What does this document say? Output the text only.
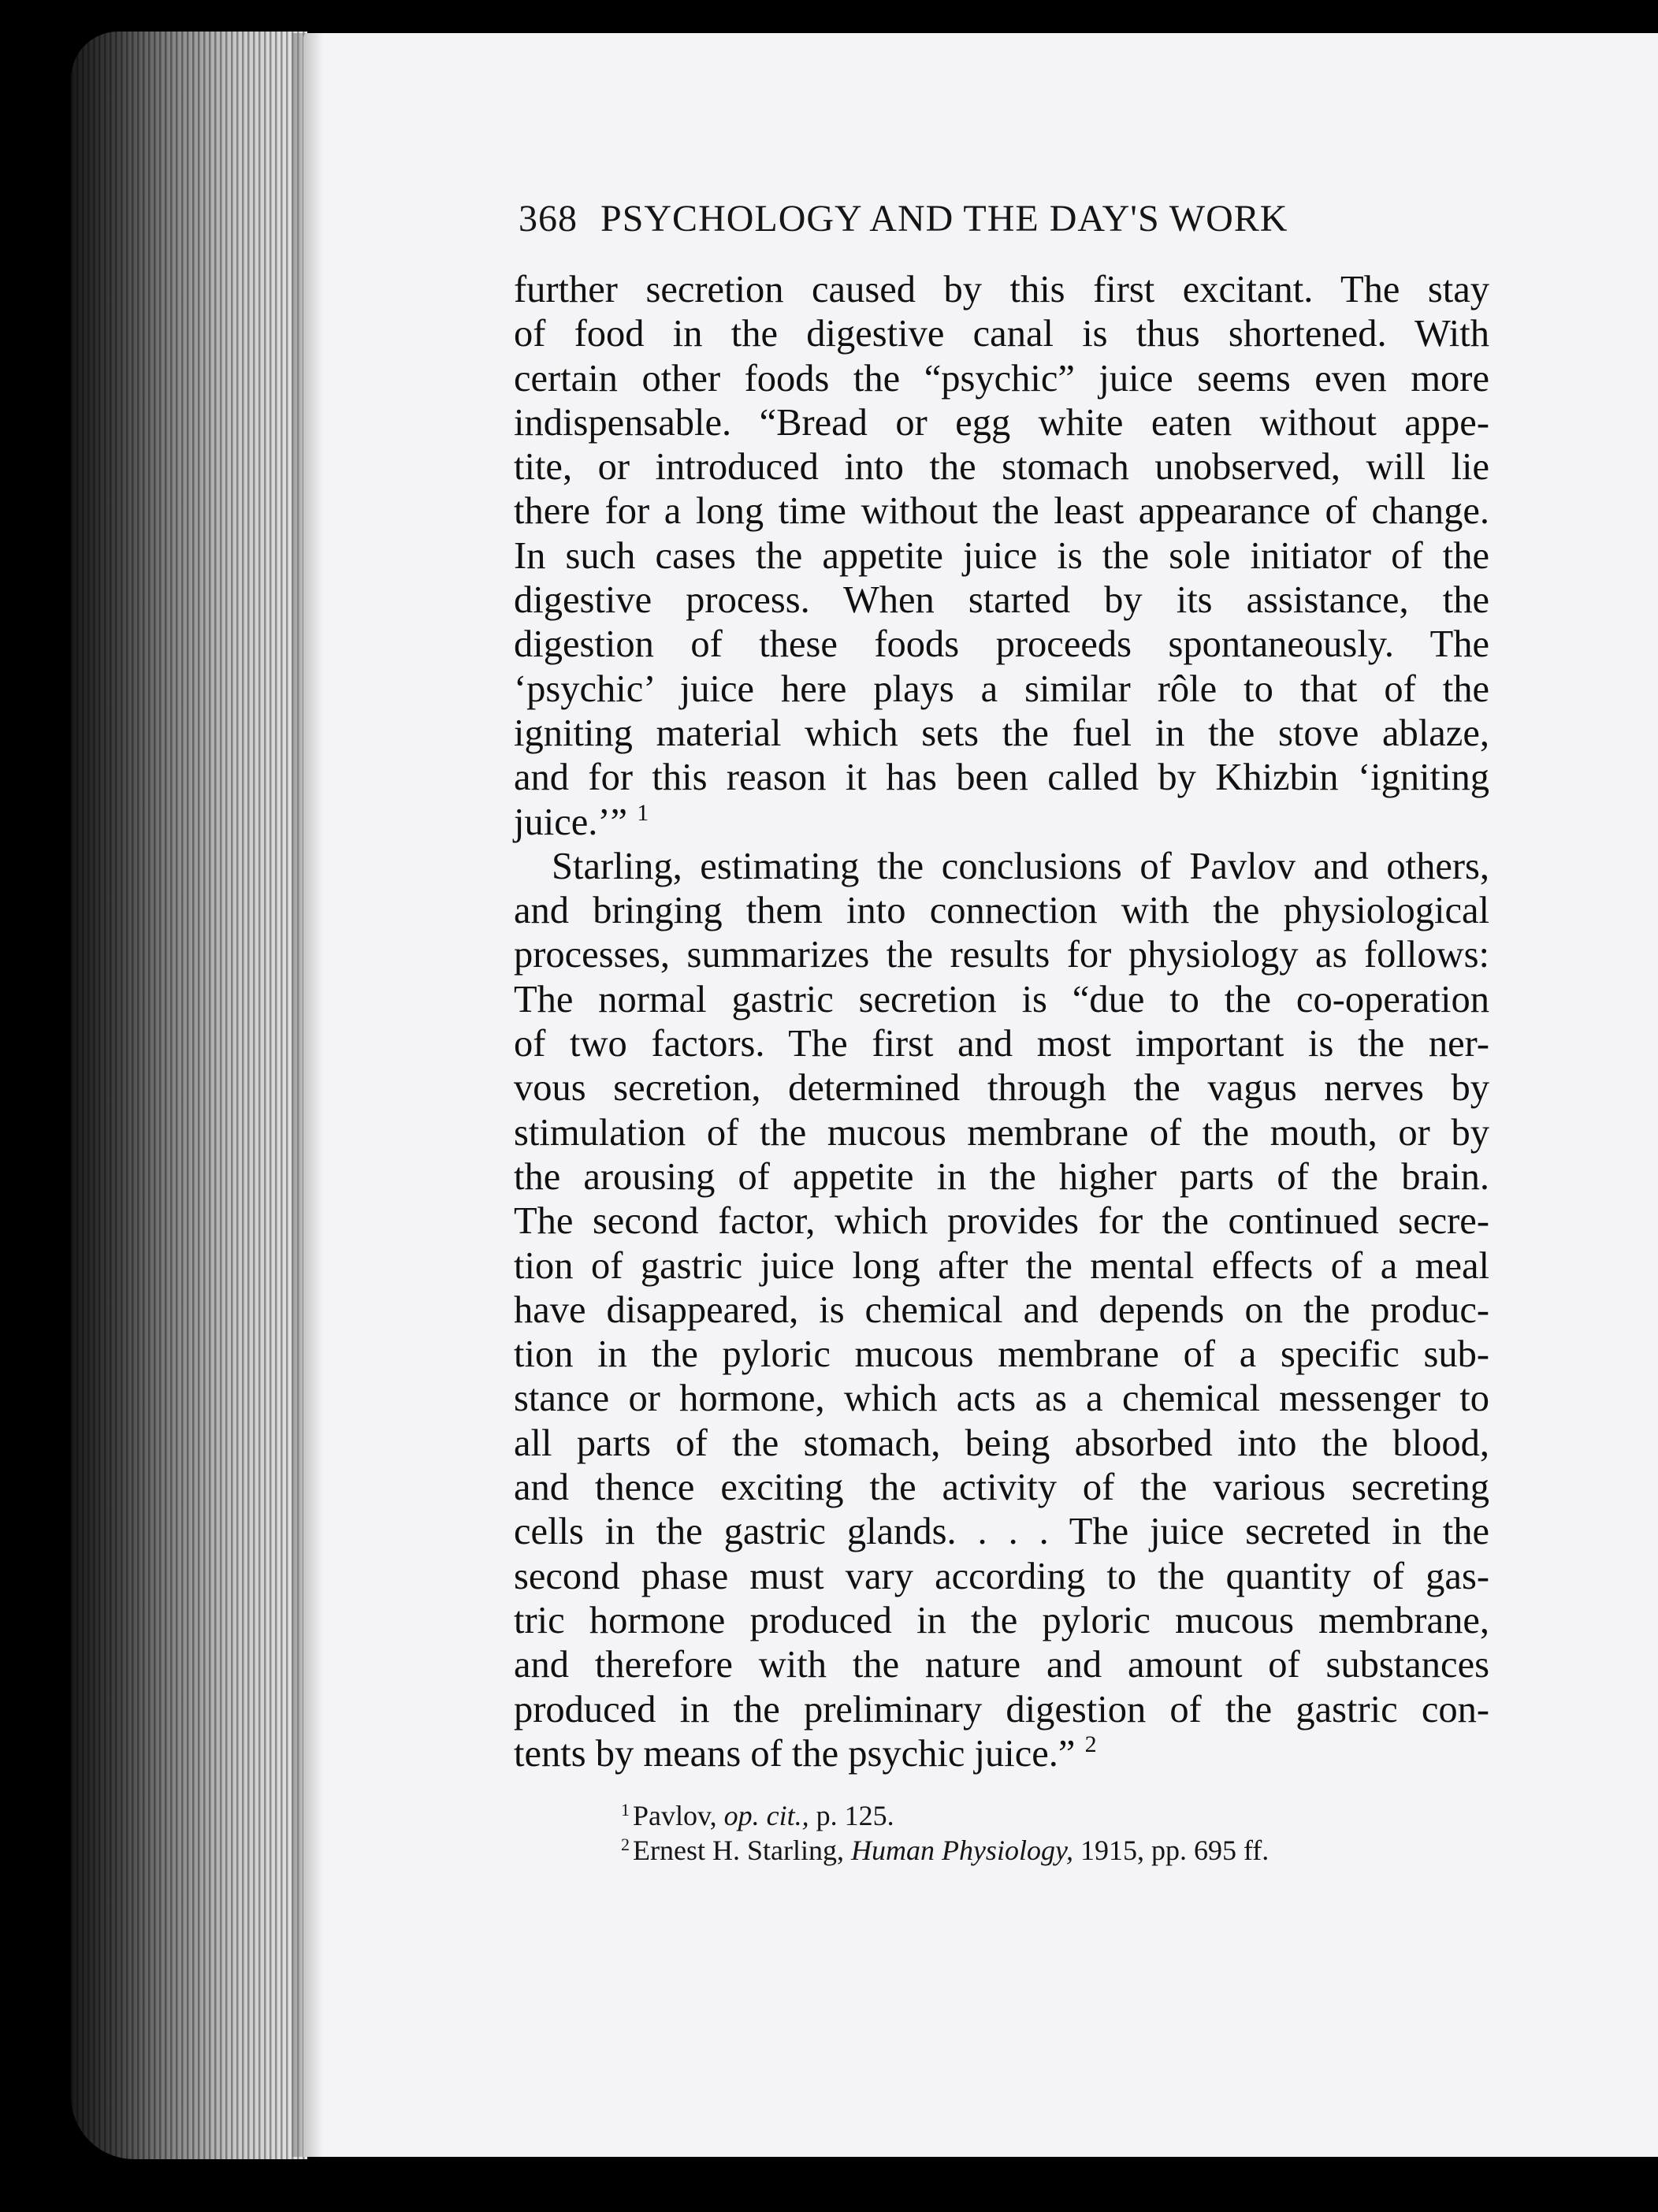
368 PSYCHOLOGY AND THE DAY'S WORK
further secretion caused by this first excitant. The stay
of food in the digestive canal is thus shortened. With
certain other foods the “psychic” juice seems even more
indispensable. “Bread or egg white eaten without appe-
tite, or introduced into the stomach unobserved, will lie
there for a long time without the least appearance of change.
In such cases the appetite juice is the sole initiator of the
digestive process. When started by its assistance, the
digestion of these foods proceeds spontaneously. The
‘psychic’ juice here plays a similar rôle to that of the
igniting material which sets the fuel in the stove ablaze,
and for this reason it has been called by Khizbin ‘igniting
juice.’” $^1$
Starling, estimating the conclusions of Pavlov and others,
and bringing them into connection with the physiological
processes, summarizes the results for physiology as follows:
The normal gastric secretion is “due to the co-operation
of two factors. The first and most important is the ner-
vous secretion, determined through the vagus nerves by
stimulation of the mucous membrane of the mouth, or by
the arousing of appetite in the higher parts of the brain.
The second factor, which provides for the continued secre-
tion of gastric juice long after the mental effects of a meal
have disappeared, is chemical and depends on the produc-
tion in the pyloric mucous membrane of a specific sub-
stance or hormone, which acts as a chemical messenger to
all parts of the stomach, being absorbed into the blood,
and thence exciting the activity of the various secreting
cells in the gastric glands. . . . The juice secreted in the
second phase must vary according to the quantity of gas-
tric hormone produced in the pyloric mucous membrane,
and therefore with the nature and amount of substances
produced in the preliminary digestion of the gastric con-
tents by means of the psychic juice.” $^2$
$^1$ Pavlov, op. cit., p. 125.
$^2$ Ernest H. Starling, Human Physiology, 1915, pp. 695 ff.
